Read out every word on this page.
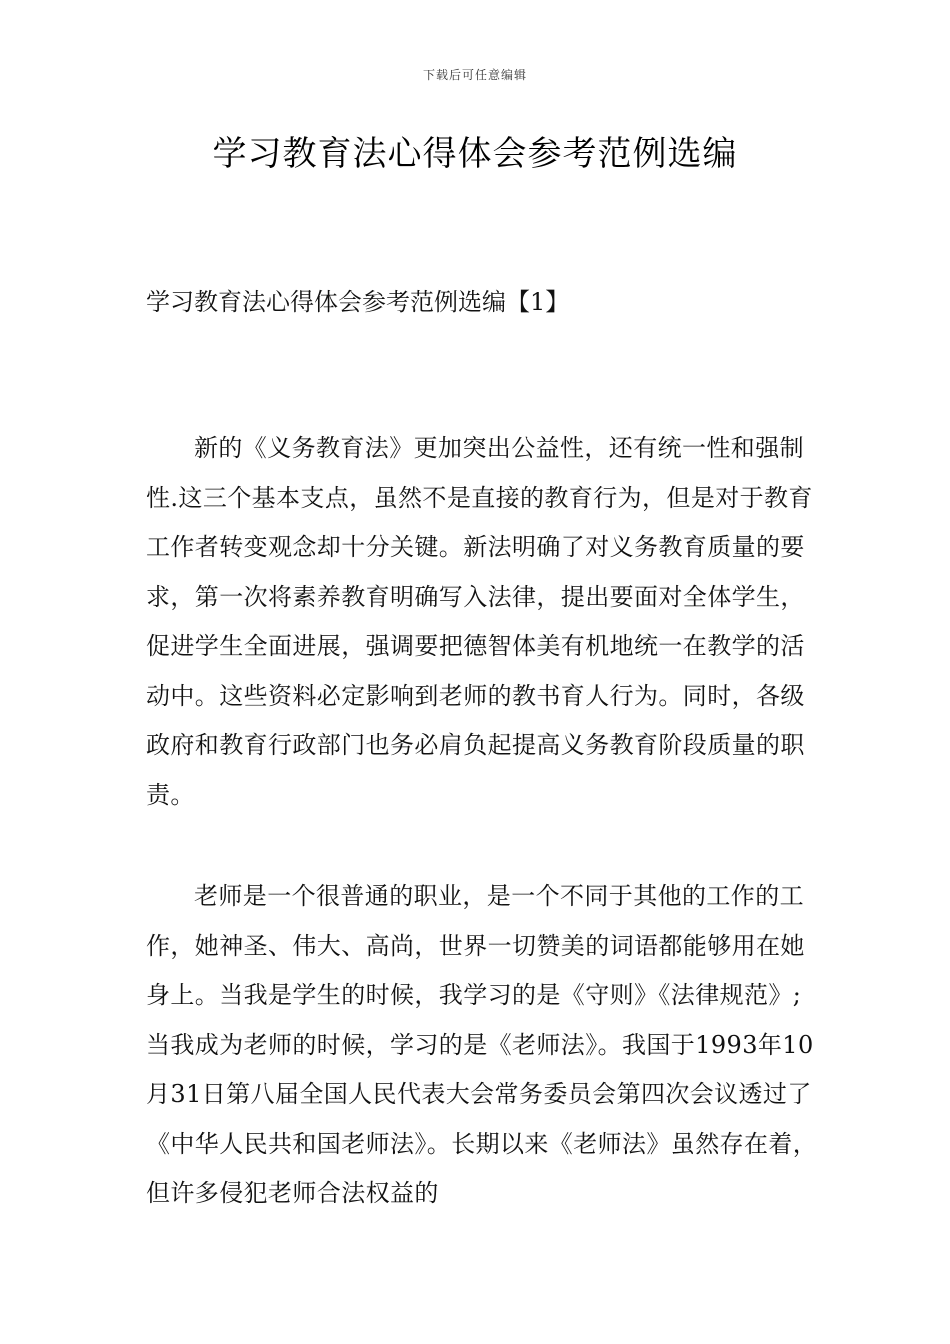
下载后可任意编辑
学习教育法心得体会参考范例选编
学习教育法心得体会参考范例选编【1】

新的《义务教育法》更加突出公益性，还有统一性和强制性.这三个基本支点，虽然不是直接的教育行为，但是对于教育工作者转变观念却十分关键。新法明确了对义务教育质量的要求，第一次将素养教育明确写入法律，提出要面对全体学生，促进学生全面进展，强调要把德智体美有机地统一在教学的活动中。这些资料必定影响到老师的教书育人行为。同时，各级政府和教育行政部门也务必肩负起提高义务教育阶段质量的职责。

老师是一个很普通的职业，是一个不同于其他的工作的工作，她神圣、伟大、高尚，世界一切赞美的词语都能够用在她身上。当我是学生的时候，我学习的是《守则》《法律规范》;当我成为老师的时候，学习的是《老师法》。我国于1993年10月31日第八届全国人民代表大会常务委员会第四次会议透过了《中华人民共和国老师法》。长期以来《老师法》虽然存在着，但许多侵犯老师合法权益的
